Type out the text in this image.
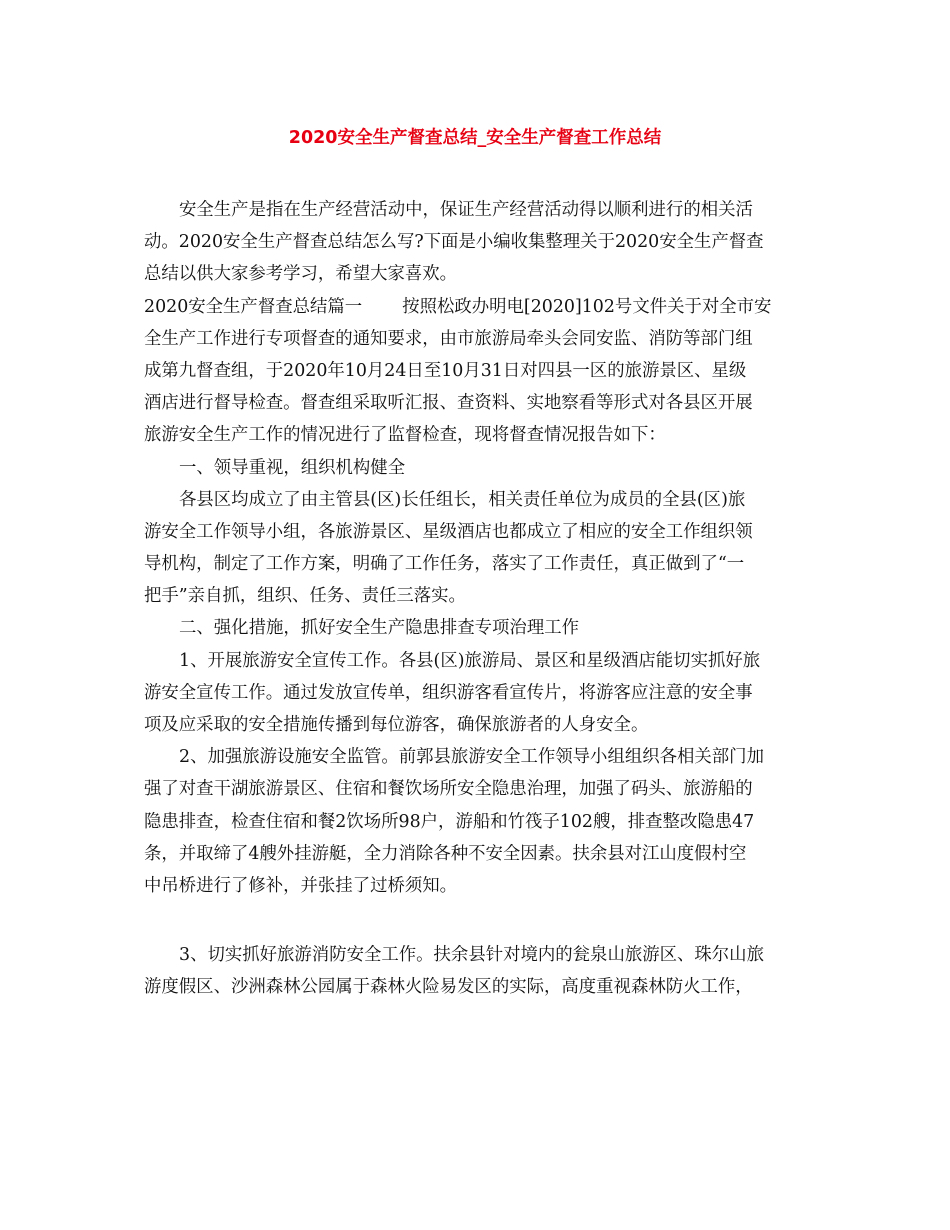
2020安全生产督查总结_安全生产督查工作总结
安全生产是指在生产经营活动中，保证生产经营活动得以顺利进行的相关活
动。2020安全生产督查总结怎么写?下面是小编收集整理关于2020安全生产督查
总结以供大家参考学习，希望大家喜欢。
2020安全生产督查总结篇一 按照松政办明电[2020]102号文件关于对全市安
全生产工作进行专项督查的通知要求，由市旅游局牵头会同安监、消防等部门组
成第九督查组，于2020年10月24日至10月31日对四县一区的旅游景区、星级
酒店进行督导检查。督查组采取听汇报、查资料、实地察看等形式对各县区开展
旅游安全生产工作的情况进行了监督检查，现将督查情况报告如下：
一、领导重视，组织机构健全
各县区均成立了由主管县(区)长任组长，相关责任单位为成员的全县(区)旅
游安全工作领导小组，各旅游景区、星级酒店也都成立了相应的安全工作组织领
导机构，制定了工作方案，明确了工作任务，落实了工作责任，真正做到了“一
把手”亲自抓，组织、任务、责任三落实。
二、强化措施，抓好安全生产隐患排查专项治理工作
1、开展旅游安全宣传工作。各县(区)旅游局、景区和星级酒店能切实抓好旅
游安全宣传工作。通过发放宣传单，组织游客看宣传片，将游客应注意的安全事
项及应采取的安全措施传播到每位游客，确保旅游者的人身安全。
2、加强旅游设施安全监管。前郭县旅游安全工作领导小组组织各相关部门加
强了对查干湖旅游景区、住宿和餐饮场所安全隐患治理，加强了码头、旅游船的
隐患排查，检查住宿和餐2饮场所98户，游船和竹筏子102艘，排查整改隐患47
条，并取缔了4艘外挂游艇，全力消除各种不安全因素。扶余县对江山度假村空
中吊桥进行了修补，并张挂了过桥须知。
3、切实抓好旅游消防安全工作。扶余县针对境内的瓮泉山旅游区、珠尔山旅
游度假区、沙洲森林公园属于森林火险易发区的实际，高度重视森林防火工作，
